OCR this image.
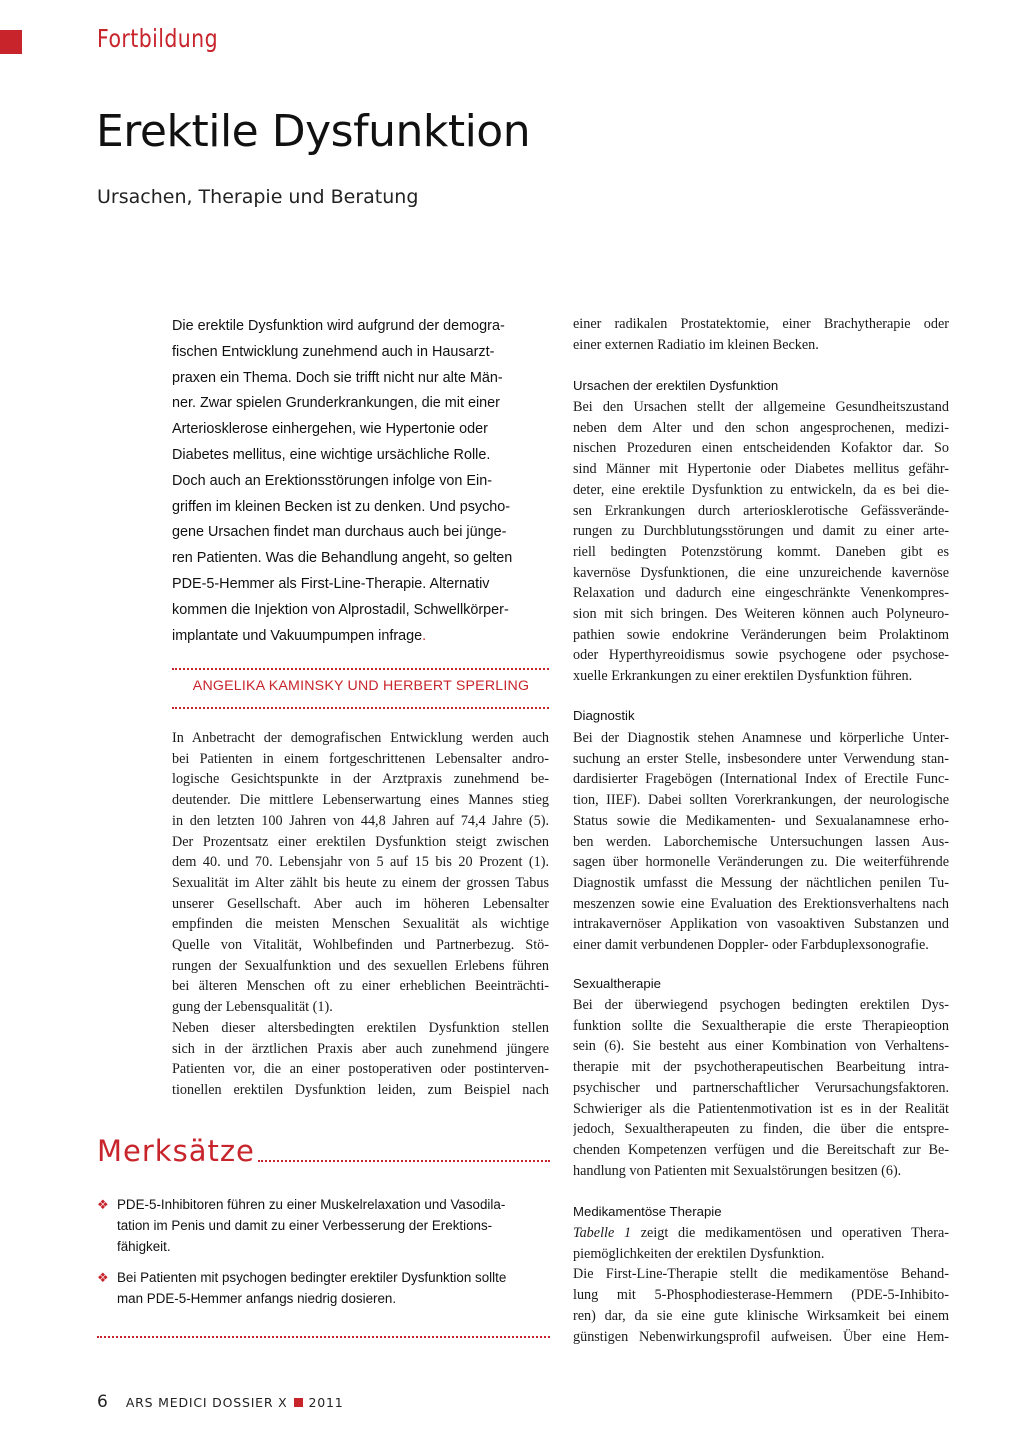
Fortbildung

Erektile Dysfunktion
Ursachen, Therapie und Beratung
Die erektile Dysfunktion wird aufgrund der demogra-
fischen Entwicklung zunehmend auch in Hausarzt-
praxen ein Thema. Doch sie trifft nicht nur alte Män-
ner. Zwar spielen Grunderkrankungen, die mit einer
Arteriosklerose einhergehen, wie Hypertonie oder
Diabetes mellitus, eine wichtige ursächliche Rolle.
Doch auch an Erektionsstörungen infolge von Ein-
griffen im kleinen Becken ist zu denken. Und psycho-
gene Ursachen findet man durchaus auch bei jünge-
ren Patienten. Was die Behandlung angeht, so gelten
PDE-5-Hemmer als First-Line-Therapie. Alternativ
kommen die Injektion von Alprostadil, Schwellkörper-
implantate und Vakuumpumpen infrage.

ANGELIKA KAMINSKY UND HERBERT SPERLING

In Anbetracht der demografischen Entwicklung werden auch
bei Patienten in einem fortgeschrittenen Lebensalter andro-
logische Gesichtspunkte in der Arztpraxis zunehmend be-
deutender. Die mittlere Lebenserwartung eines Mannes stieg
in den letzten 100 Jahren von 44,8 Jahren auf 74,4 Jahre (5).
Der Prozentsatz einer erektilen Dysfunktion steigt zwischen
dem 40. und 70. Lebensjahr von 5 auf 15 bis 20 Prozent (1).
Sexualität im Alter zählt bis heute zu einem der grossen Tabus
unserer Gesellschaft. Aber auch im höheren Lebensalter
empfinden die meisten Menschen Sexualität als wichtige
Quelle von Vitalität, Wohlbefinden und Partnerbezug. Stö-
rungen der Sexualfunktion und des sexuellen Erlebens führen
bei älteren Menschen oft zu einer erheblichen Beeinträchti-
gung der Lebensqualität (1).
Neben dieser altersbedingten erektilen Dysfunktion stellen
sich in der ärztlichen Praxis aber auch zunehmend jüngere
Patienten vor, die an einer postoperativen oder postinterven-
tionellen erektilen Dysfunktion leiden, zum Beispiel nach
einer radikalen Prostatektomie, einer Brachytherapie oder
einer externen Radiatio im kleinen Becken.
Ursachen der erektilen Dysfunktion
Bei den Ursachen stellt der allgemeine Gesundheitszustand
neben dem Alter und den schon angesprochenen, medizi-
nischen Prozeduren einen entscheidenden Kofaktor dar. So
sind Männer mit Hypertonie oder Diabetes mellitus gefähr-
deter, eine erektile Dysfunktion zu entwickeln, da es bei die-
sen Erkrankungen durch arteriosklerotische Gefässverände-
rungen zu Durchblutungsstörungen und damit zu einer arte-
riell bedingten Potenzstörung kommt. Daneben gibt es
kavernöse Dysfunktionen, die eine unzureichende kavernöse
Relaxation und dadurch eine eingeschränkte Venenkompres-
sion mit sich bringen. Des Weiteren können auch Polyneuro-
pathien sowie endokrine Veränderungen beim Prolaktinom
oder Hyperthyreoidismus sowie psychogene oder psychose-
xuelle Erkrankungen zu einer erektilen Dysfunktion führen.
Diagnostik
Bei der Diagnostik stehen Anamnese und körperliche Unter-
suchung an erster Stelle, insbesondere unter Verwendung stan-
dardisierter Fragebögen (International Index of Erectile Func-
tion, IIEF). Dabei sollten Vorerkrankungen, der neurologische
Status sowie die Medikamenten- und Sexualanamnese erho-
ben werden. Laborchemische Untersuchungen lassen Aus-
sagen über hormonelle Veränderungen zu. Die weiterführende
Diagnostik umfasst die Messung der nächtlichen penilen Tu-
meszenzen sowie eine Evaluation des Erektionsverhaltens nach
intrakavernöser Applikation von vasoaktiven Substanzen und
einer damit verbundenen Doppler- oder Farbduplexsonografie.
Sexualtherapie
Bei der überwiegend psychogen bedingten erektilen Dys-
funktion sollte die Sexualtherapie die erste Therapieoption
sein (6). Sie besteht aus einer Kombination von Verhaltens-
therapie mit der psychotherapeutischen Bearbeitung intra-
psychischer und partnerschaftlicher Verursachungsfaktoren.
Schwieriger als die Patientenmotivation ist es in der Realität
jedoch, Sexualtherapeuten zu finden, die über die entspre-
chenden Kompetenzen verfügen und die Bereitschaft zur Be-
handlung von Patienten mit Sexualstörungen besitzen (6).
Medikamentöse Therapie
Tabelle 1 zeigt die medikamentösen und operativen Thera-
piemöglichkeiten der erektilen Dysfunktion.
Die First-Line-Therapie stellt die medikamentöse Behand-
lung mit 5-Phosphodiesterase-Hemmern (PDE-5-Inhibito-
ren) dar, da sie eine gute klinische Wirksamkeit bei einem
günstigen Nebenwirkungsprofil aufweisen. Über eine Hem-
Merksätze
❖ PDE-5-Inhibitoren führen zu einer Muskelrelaxation und Vasodila-
tation im Penis und damit zu einer Verbesserung der Erektions-
fähigkeit.
❖ Bei Patienten mit psychogen bedingter erektiler Dysfunktion sollte
man PDE-5-Hemmer anfangs niedrig dosieren.

6 ARS MEDICI DOSSIER X 2011
